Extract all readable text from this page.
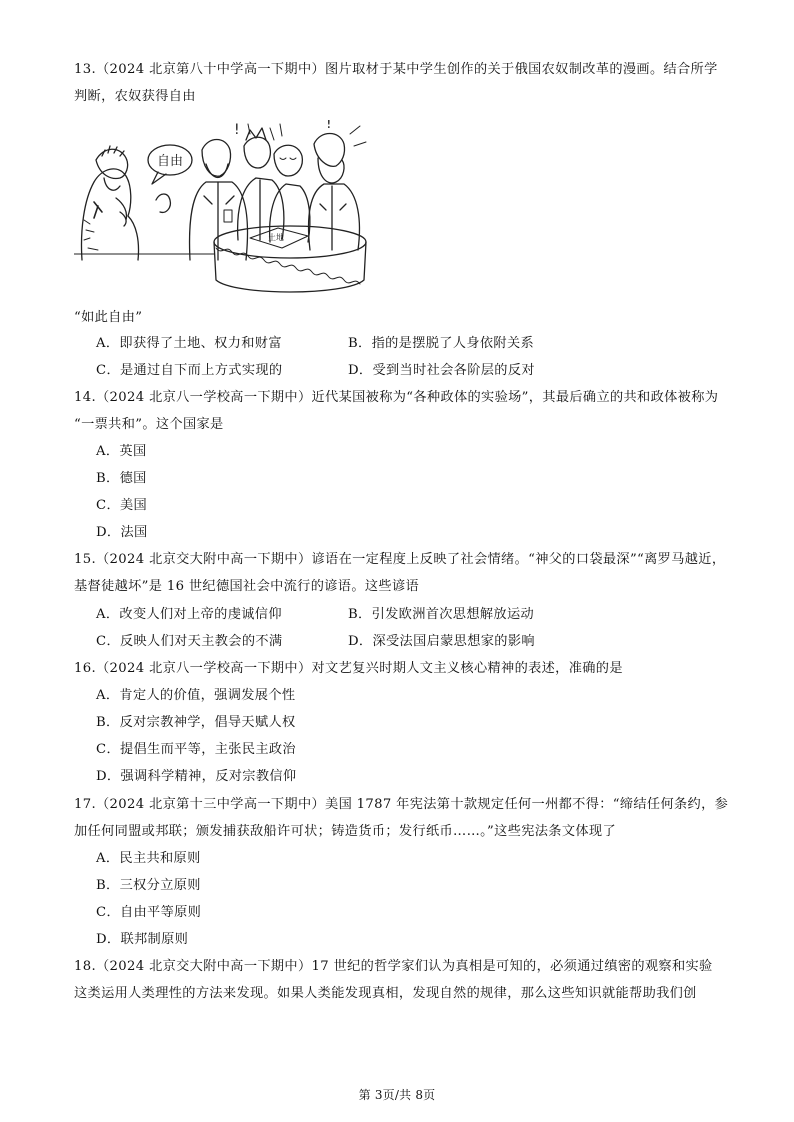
13.（2024 北京第八十中学高一下期中）图片取材于某中学生创作的关于俄国农奴制改革的漫画。结合所学
判断，农奴获得自由
自由
!	!
土地
“如此自由”
A．即获得了土地、权力和财富	B．指的是摆脱了人身依附关系
C．是通过自下而上方式实现的	D．受到当时社会各阶层的反对
14.（2024 北京八一学校高一下期中）近代某国被称为“各种政体的实验场”，其最后确立的共和政体被称为
“一票共和”。这个国家是
A．英国
B．德国
C．美国
D．法国
15.（2024 北京交大附中高一下期中）谚语在一定程度上反映了社会情绪。“神父的口袋最深”“离罗马越近，
基督徒越坏”是 16 世纪德国社会中流行的谚语。这些谚语
A．改变人们对上帝的虔诚信仰	B．引发欧洲首次思想解放运动
C．反映人们对天主教会的不满	D．深受法国启蒙思想家的影响
16.（2024 北京八一学校高一下期中）对文艺复兴时期人文主义核心精神的表述，准确的是
A．肯定人的价值，强调发展个性
B．反对宗教神学，倡导天赋人权
C．提倡生而平等，主张民主政治
D．强调科学精神，反对宗教信仰
17.（2024 北京第十三中学高一下期中）美国 1787 年宪法第十款规定任何一州都不得：“缔结任何条约，参
加任何同盟或邦联；颁发捕获敌船许可状；铸造货币；发行纸币……。”这些宪法条文体现了
A．民主共和原则
B．三权分立原则
C．自由平等原则
D．联邦制原则
18.（2024 北京交大附中高一下期中）17 世纪的哲学家们认为真相是可知的，必须通过缜密的观察和实验
这类运用人类理性的方法来发现。如果人类能发现真相，发现自然的规律，那么这些知识就能帮助我们创
第 3页/共 8页
